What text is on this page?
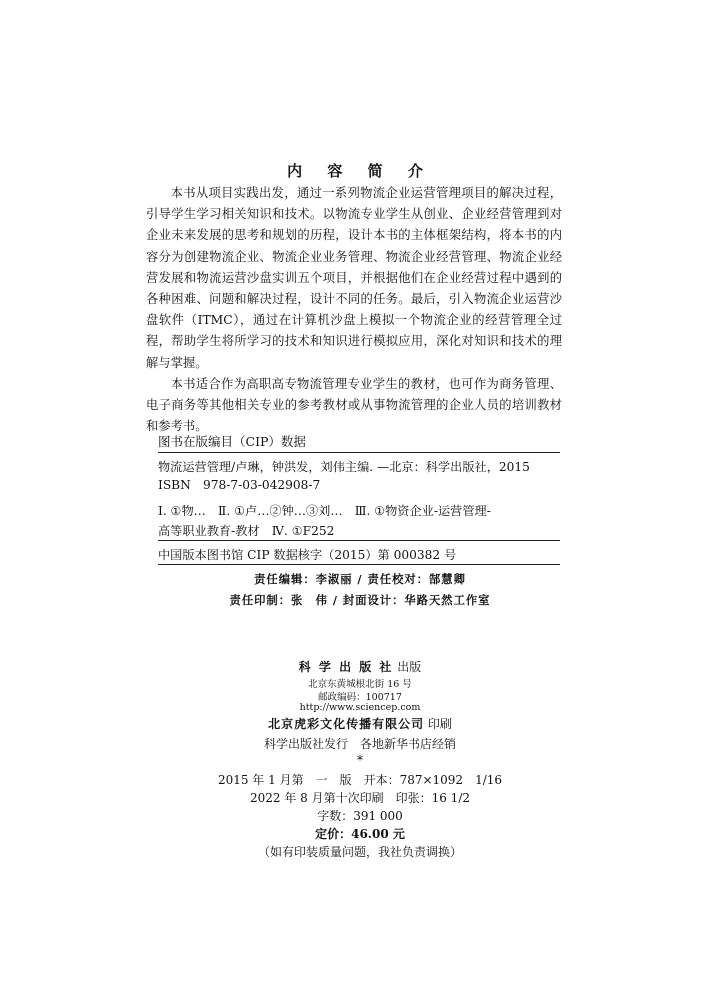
内 容 简 介

本书从项目实践出发，通过一系列物流企业运营管理项目的解决过程，引导学生学习相关知识和技术。以物流专业学生从创业、企业经营管理到对企业未来发展的思考和规划的历程，设计本书的主体框架结构，将本书的内容分为创建物流企业、物流企业业务管理、物流企业经营管理、物流企业经营发展和物流运营沙盘实训五个项目，并根据他们在企业经营过程中遇到的各种困难、问题和解决过程，设计不同的任务。最后，引入物流企业运营沙盘软件（ITMC），通过在计算机沙盘上模拟一个物流企业的经营管理全过程，帮助学生将所学习的技术和知识进行模拟应用，深化对知识和技术的理解与掌握。

本书适合作为高职高专物流管理专业学生的教材，也可作为商务管理、电子商务等其他相关专业的参考教材或从事物流管理的企业人员的培训教材和参考书。

图书在版编目（CIP）数据
物流运营管理/卢琳，钟洪发，刘伟主编. —北京：科学出版社，2015
ISBN　978-7-03-042908-7
Ⅰ. ①物…　Ⅱ. ①卢…②钟…③刘…　Ⅲ. ①物资企业-运营管理-
高等职业教育-教材　Ⅳ. ①F252
中国版本图书馆 CIP 数据核字（2015）第 000382 号
责任编辑：李淑丽 / 责任校对：郜慧卿
责任印制：张　伟 / 封面设计：华路天然工作室
科 学 出 版 社 出版
北京东黄城根北街 16 号
邮政编码：100717
http://www.sciencep.com
北京虎彩文化传播有限公司 印刷
科学出版社发行　各地新华书店经销
*
2015 年 1 月第　一　版　开本：787×1092　1/16
2022 年 8 月第十次印刷　印张：16 1/2
字数：391 000
定价：46.00 元
（如有印装质量问题，我社负责调换）
